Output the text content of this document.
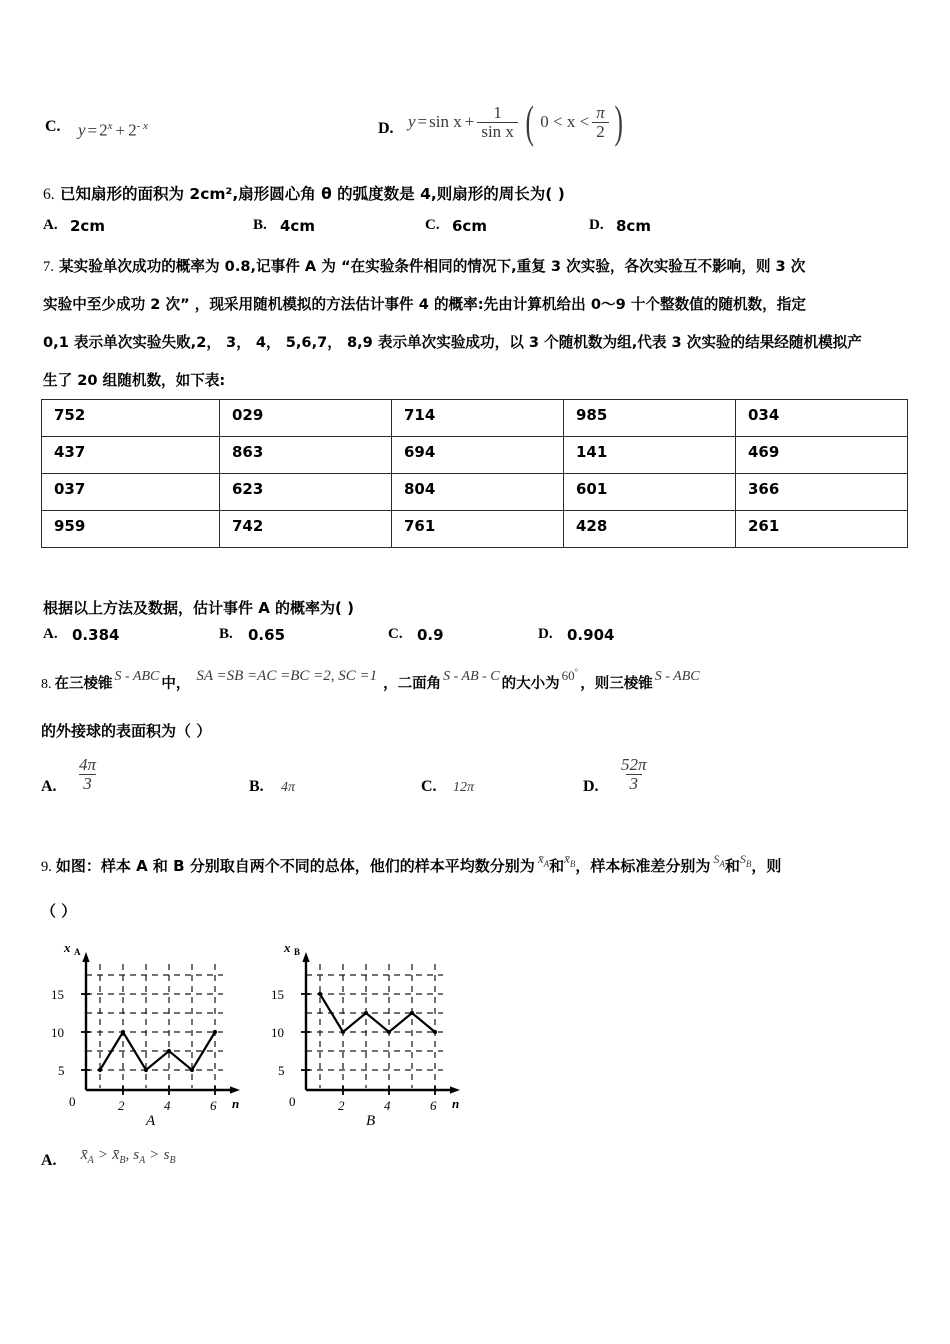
C. $y = 2^x + 2^{- x}$	D. $y = \sin x + \frac{1}{\text{sin x}}$ ( $0 < x < \frac{\pi}{2}$ )
6. 已知扇形的面积为 2cm²,扇形圆心角 θ 的弧度数是 4,则扇形的周长为( )
A. 2cm	B. 4cm	C. 6cm	D. 8cm
7. 某实验单次成功的概率为 0.8,记事件 A 为 “在实验条件相同的情况下,重复 3 次实验，各次实验互不影响，则 3 次
实验中至少成功 2 次” ，现采用随机模拟的方法估计事件 4 的概率:先由计算机给出 0～9 十个整数值的随机数，指定
0,1 表示单次实验失败,2， 3， 4， 5,6,7， 8,9 表示单次实验成功，以 3 个随机数为组,代表 3 次实验的结果经随机模拟产
生了 20 组随机数，如下表:
752	029	714	985	034
437	863	694	141	469
037	623	804	601	366
959	742	761	428	261
根据以上方法及数据，估计事件 A 的概率为( )
A. 0.384	B. 0.65	C. 0.9	D. 0.904
8. 在三棱锥 S - ABC 中， SA =SB =AC =BC =2, SC =1 ，二面角 S - AB - C 的大小为
60 °
，则三棱锥 S - ABC
的外接球的表面积为（ ）
A. $\frac{4\pi}{3}$	B. 4π	C. 12π	D. $\frac{52\pi}{3}$
9. 如图：样本 A 和 B 分别取自两个不同的总体，他们的样本平均数分别为 $x̄_A$ 和 $x̄_B$ ，样本标准差分别为 $S_A$ 和 $S_B$ ，则
（ ）
5
10
15
0	2	4	6 n
x A
A
5
10
15
0	2	4	6 n
x B
B
A. $x̄_A$ > $x̄_B$, $s_A > s_B$
